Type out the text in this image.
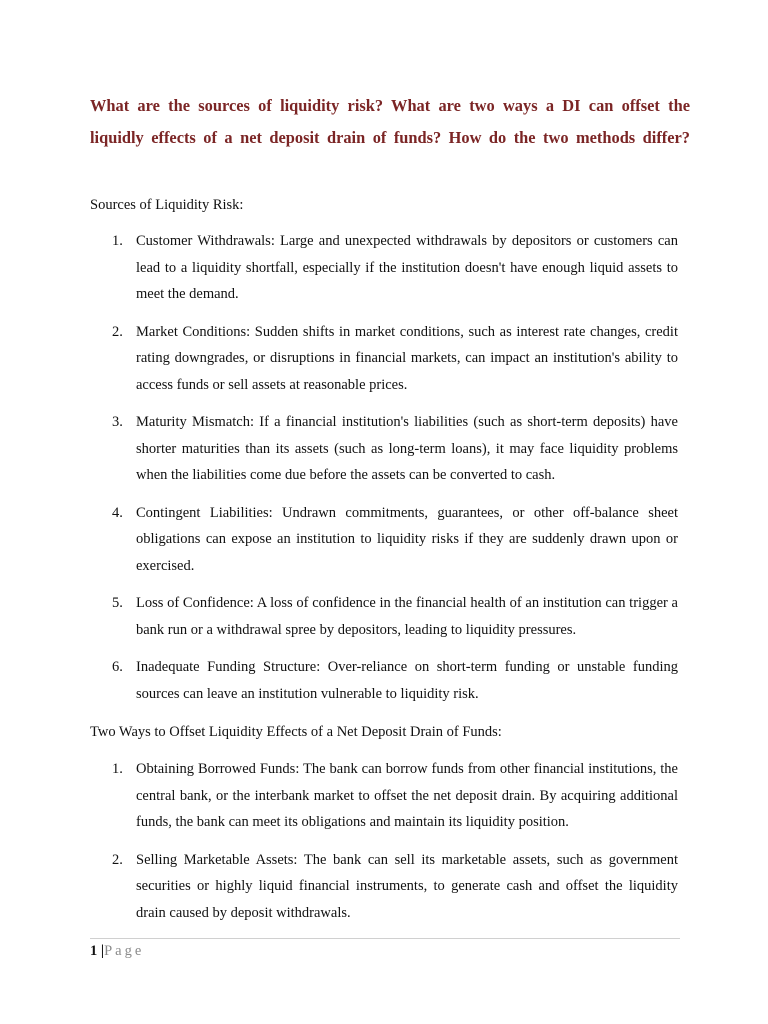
What are the sources of liquidity risk? What are two ways a DI can offset the
liquidly effects of a net deposit drain of funds? How do the two methods differ?

Sources of Liquidity Risk:

1. Customer Withdrawals: Large and unexpected withdrawals by depositors or customers can lead to a liquidity shortfall, especially if the institution doesn't have enough liquid assets to meet the demand.
2. Market Conditions: Sudden shifts in market conditions, such as interest rate changes, credit rating downgrades, or disruptions in financial markets, can impact an institution's ability to access funds or sell assets at reasonable prices.
3. Maturity Mismatch: If a financial institution's liabilities (such as short-term deposits) have shorter maturities than its assets (such as long-term loans), it may face liquidity problems when the liabilities come due before the assets can be converted to cash.
4. Contingent Liabilities: Undrawn commitments, guarantees, or other off-balance sheet obligations can expose an institution to liquidity risks if they are suddenly drawn upon or exercised.
5. Loss of Confidence: A loss of confidence in the financial health of an institution can trigger a bank run or a withdrawal spree by depositors, leading to liquidity pressures.
6. Inadequate Funding Structure: Over-reliance on short-term funding or unstable funding sources can leave an institution vulnerable to liquidity risk.

Two Ways to Offset Liquidity Effects of a Net Deposit Drain of Funds:

1. Obtaining Borrowed Funds: The bank can borrow funds from other financial institutions, the central bank, or the interbank market to offset the net deposit drain. By acquiring additional funds, the bank can meet its obligations and maintain its liquidity position.
2. Selling Marketable Assets: The bank can sell its marketable assets, such as government securities or highly liquid financial instruments, to generate cash and offset the liquidity drain caused by deposit withdrawals.
1 |Page
